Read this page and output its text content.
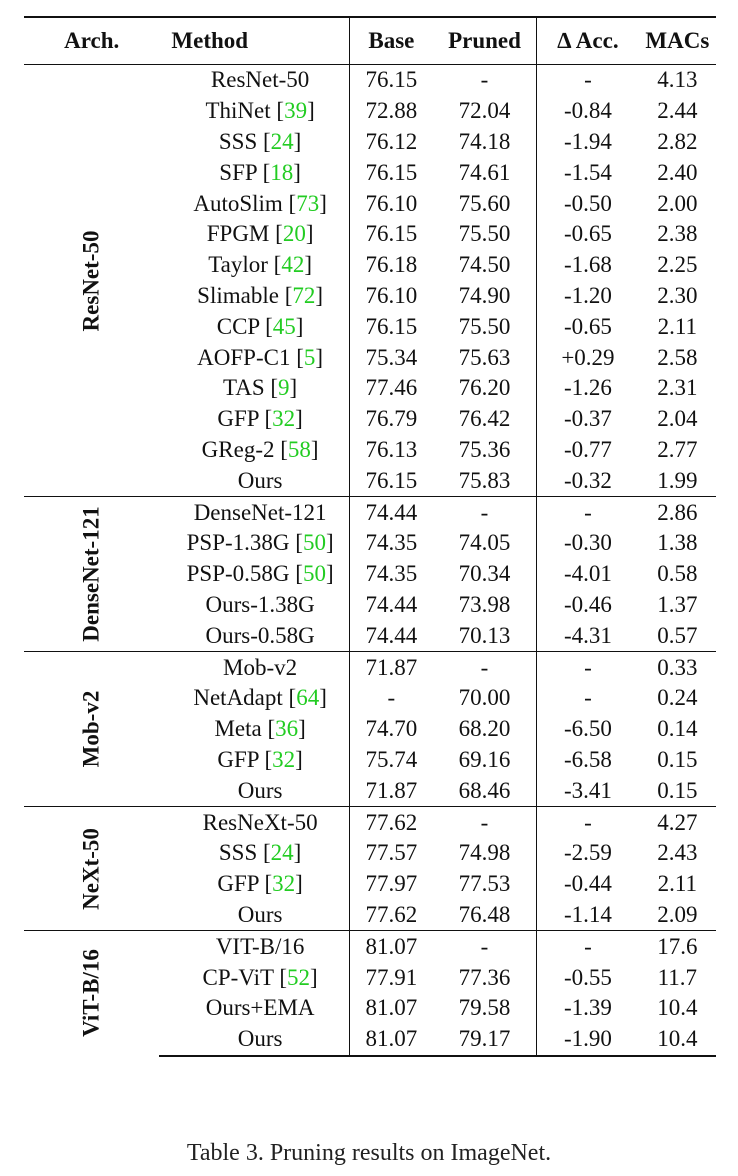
Arch.	Method	Base	Pruned	∆ Acc.	MACs

ResNet-50	ResNet-50	76.15	-	-	4.13
	ThiNet [39]	72.88	72.04	-0.84	2.44
	SSS [24]	76.12	74.18	-1.94	2.82
	SFP [18]	76.15	74.61	-1.54	2.40
	AutoSlim [73]	76.10	75.60	-0.50	2.00
	FPGM [20]	76.15	75.50	-0.65	2.38
	Taylor [42]	76.18	74.50	-1.68	2.25
	Slimable [72]	76.10	74.90	-1.20	2.30
	CCP [45]	76.15	75.50	-0.65	2.11
	AOFP-C1 [5]	75.34	75.63	+0.29	2.58
	TAS [9]	77.46	76.20	-1.26	2.31
	GFP [32]	76.79	76.42	-0.37	2.04
	GReg-2 [58]	76.13	75.36	-0.77	2.77
	Ours	76.15	75.83	-0.32	1.99

DenseNet-121	DenseNet-121	74.44	-	-	2.86
	PSP-1.38G [50]	74.35	74.05	-0.30	1.38
	PSP-0.58G [50]	74.35	70.34	-4.01	0.58
	Ours-1.38G	74.44	73.98	-0.46	1.37
	Ours-0.58G	74.44	70.13	-4.31	0.57

Mob-v2	Mob-v2	71.87	-	-	0.33
	NetAdapt [64]	-	70.00	-	0.24
	Meta [36]	74.70	68.20	-6.50	0.14
	GFP [32]	75.74	69.16	-6.58	0.15
	Ours	71.87	68.46	-3.41	0.15

NeXt-50	ResNeXt-50	77.62	-	-	4.27
	SSS [24]	77.57	74.98	-2.59	2.43
	GFP [32]	77.97	77.53	-0.44	2.11
	Ours	77.62	76.48	-1.14	2.09

ViT-B/16	VIT-B/16	81.07	-	-	17.6
	CP-ViT [52]	77.91	77.36	-0.55	11.7
	Ours+EMA	81.07	79.58	-1.39	10.4
	Ours	81.07	79.17	-1.90	10.4
Table 3. Pruning results on ImageNet.
